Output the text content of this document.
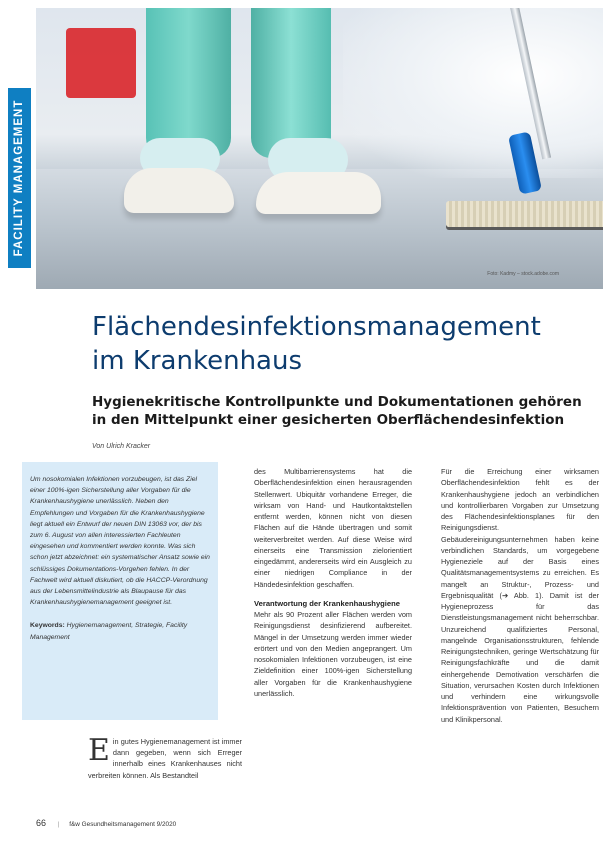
Foto: Kadmy – stock.adobe.com
FACILITY MANAGEMENT
Flächendesinfektionsmanagement
im Krankenhaus
Hygienekritische Kontrollpunkte und Dokumentationen gehören
in den Mittelpunkt einer gesicherten Oberflächendesinfektion
Von Ulrich Kracker
Um nosokomialen Infektionen vorzubeugen, ist das Ziel einer 100%-igen Sicherstellung aller Vorgaben für die Krankenhaushygiene unerlässlich. Neben den Empfehlungen und Vorgaben für die Krankenhaushygiene liegt aktuell ein Entwurf der neuen DIN 13063 vor, der bis zum 6. August von allen interessierten Fachleuten eingesehen und kommentiert werden konnte. Was sich schon jetzt abzeichnet: ein systematischer Ansatz sowie ein schlüssiges Dokumentations-Vorgehen fehlen. In der Fachwelt wird aktuell diskutiert, ob die HACCP-Verordnung aus der Lebensmittelindustrie als Blaupause für das Krankenhaushygienemanagement geeignet ist.
Keywords: Hygienemanagement, Strategie, Facility Management
E in gutes Hygienemanagement ist immer dann gegeben, wenn sich Erreger innerhalb eines Krankenhauses nicht verbreiten können. Als Bestandteil

des Multibarrierensystems hat die Oberflächendesinfektion einen herausragenden Stellenwert. Ubiquitär vorhandene Erreger, die wirksam von Hand- und Hautkontaktstellen entfernt werden, können nicht von diesen Flächen auf die Hände übertragen und somit weiterverbreitet werden. Auf diese Weise wird einerseits eine Transmission zielorientiert eingedämmt, andererseits wird ein Ausgleich zu einer niedrigen Compliance in der Händedesinfektion geschaffen.

Verantwortung der Krankenhaushygiene

Mehr als 90 Prozent aller Flächen werden vom Reinigungsdienst desinfizierend aufbereitet. Mängel in der Umsetzung werden immer wieder erörtert und von den Medien angeprangert. Um nosokomialen Infektionen vorzubeugen, ist eine Zieldefinition einer 100%-igen Sicherstellung aller Vorgaben für die Krankenhaushygiene unerlässlich.

Für die Erreichung einer wirksamen Oberflächendesinfektion fehlt es der Krankenhaushygiene jedoch an verbindlichen und kontrollierbaren Vorgaben zur Umsetzung des Flächendesinfektionsplanes für den Reinigungsdienst. Gebäudereinigungsunternehmen haben keine verbindlichen Standards, um vorgegebene Hygieneziele auf der Basis eines Qualitätsmanagementsystems zu erreichen. Es mangelt an Struktur-, Prozess- und Ergebnisqualität (➔ Abb. 1). Damit ist der Hygieneprozess für das Dienstleistungsmanagement nicht beherrschbar. Unzureichend qualifiziertes Personal, mangelnde Organisationsstrukturen, fehlende Reinigungstechniken, geringe Wertschätzung für Reinigungsfachkräfte und die damit einhergehende Demotivation verschärfen die Situation, verursachen Kosten durch Infektionen und verhindern eine wirkungsvolle Infektionsprävention von Patienten, Besuchern und Klinikpersonal.

66 | f&w Gesundheitsmanagement 9/2020
